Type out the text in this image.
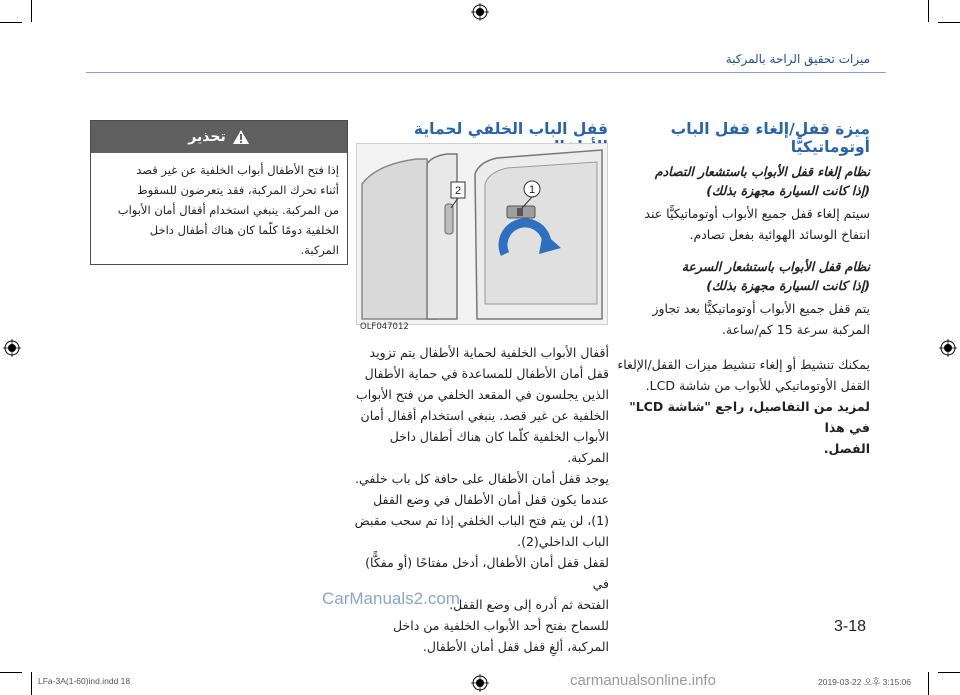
ميزات تحقيق الراحة بالمركبة
ميزة قفل/إلغاء قفل الباب أوتوماتيكيًّا
نظام إلغاء قفل الأبواب باستشعار التصادم
(إذا كانت السيارة مجهزة بذلك)
سيتم إلغاء قفل جميع الأبواب أوتوماتيكيًّا عند
انتفاخ الوسائد الهوائية بفعل تصادم.
نظام قفل الأبواب باستشعار السرعة
(إذا كانت السيارة مجهزة بذلك)
يتم قفل جميع الأبواب أوتوماتيكيًّا بعد تجاوز
المركبة سرعة 15 كم/ساعة.
يمكنك تنشيط أو إلغاء تنشيط ميزات القفل/الإلغاء
القفل الأوتوماتيكي للأبواب من شاشة LCD.
لمزيد من التفاصيل، راجع "شاشة LCD" في هذا
الفصل.
قفل الباب الخلفي لحماية
1
2
OLF047012
أقفال الأبواب الخلفية لحماية الأطفال يتم تزويد
قفل أمان الأطفال للمساعدة في حماية الأطفال
الذين يجلسون في المقعد الخلفي من فتح الأبواب
الخلفية عن غير قصد. ينبغي استخدام أقفال أمان
الأبواب الخلفية كلّما كان هناك أطفال داخل المركبة.
يوجد قفل أمان الأطفال على حافة كل باب خلفي.
عندما يكون قفل أمان الأطفال في وضع القفل
(1)، لن يتم فتح الباب الخلفي إذا تم سحب مقبض
الباب الداخلي(2).
لقفل قفل أمان الأطفال، أدخل مفتاحًا (أو مفكًّا) في
الفتحة ثم أدره إلى وضع القفل.
للسماح بفتح أحد الأبواب الخلفية من داخل
المركبة، ألغِ قفل قفل أمان الأطفال.
تحذير
إذا فتح الأطفال أبواب الخلفية عن غير قصد
أثناء تحرك المركبة، فقد يتعرضون للسقوط
من المركبة. ينبغي استخدام أقفال أمان الأبواب
الخلفية دومًا كلّما كان هناك أطفال داخل
المركبة.
CarManuals2.com
3-18
LFa-3A(1-60)ind.indd 18	carmanualsonline.info	2019-03-22 오후 3:15:06
